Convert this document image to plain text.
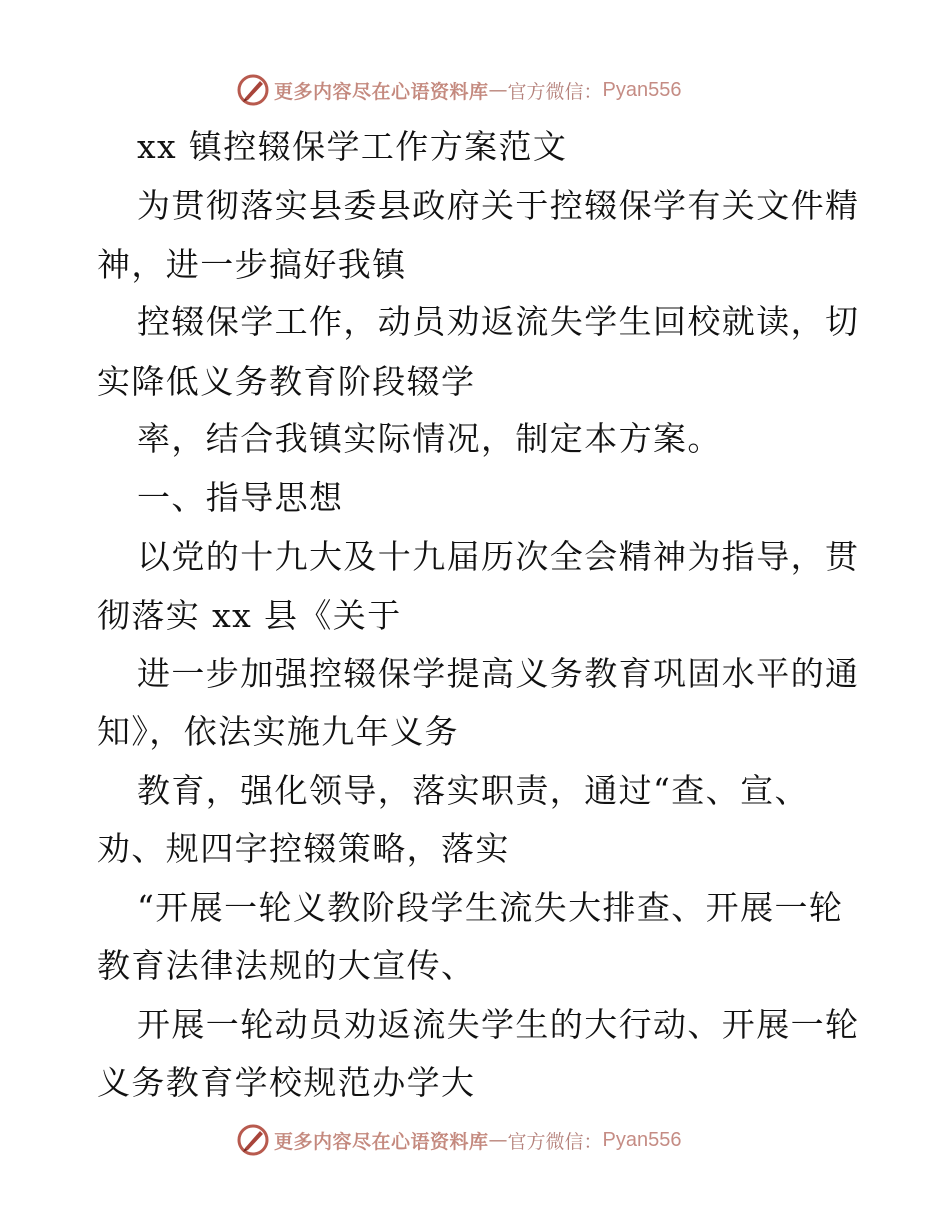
更多内容尽在心语资料库 — 官方微信： Pyan556
xx 镇控辍保学工作方案范文
为贯彻落实县委县政府关于控辍保学有关文件精
神，进一步搞好我镇
控辍保学工作，动员劝返流失学生回校就读，切
实降低义务教育阶段辍学
率，结合我镇实际情况，制定本方案。
一、指导思想
以党的十九大及十九届历次全会精神为指导，贯
彻落实 xx 县《关于
进一步加强控辍保学提高义务教育巩固水平的通
知》，依法实施九年义务
教育，强化领导，落实职责，通过“查、宣、
劝、规四字控辍策略，落实
“开展一轮义教阶段学生流失大排查、开展一轮
教育法律法规的大宣传、
开展一轮动员劝返流失学生的大行动、开展一轮
义务教育学校规范办学大
更多内容尽在心语资料库 — 官方微信： Pyan556
